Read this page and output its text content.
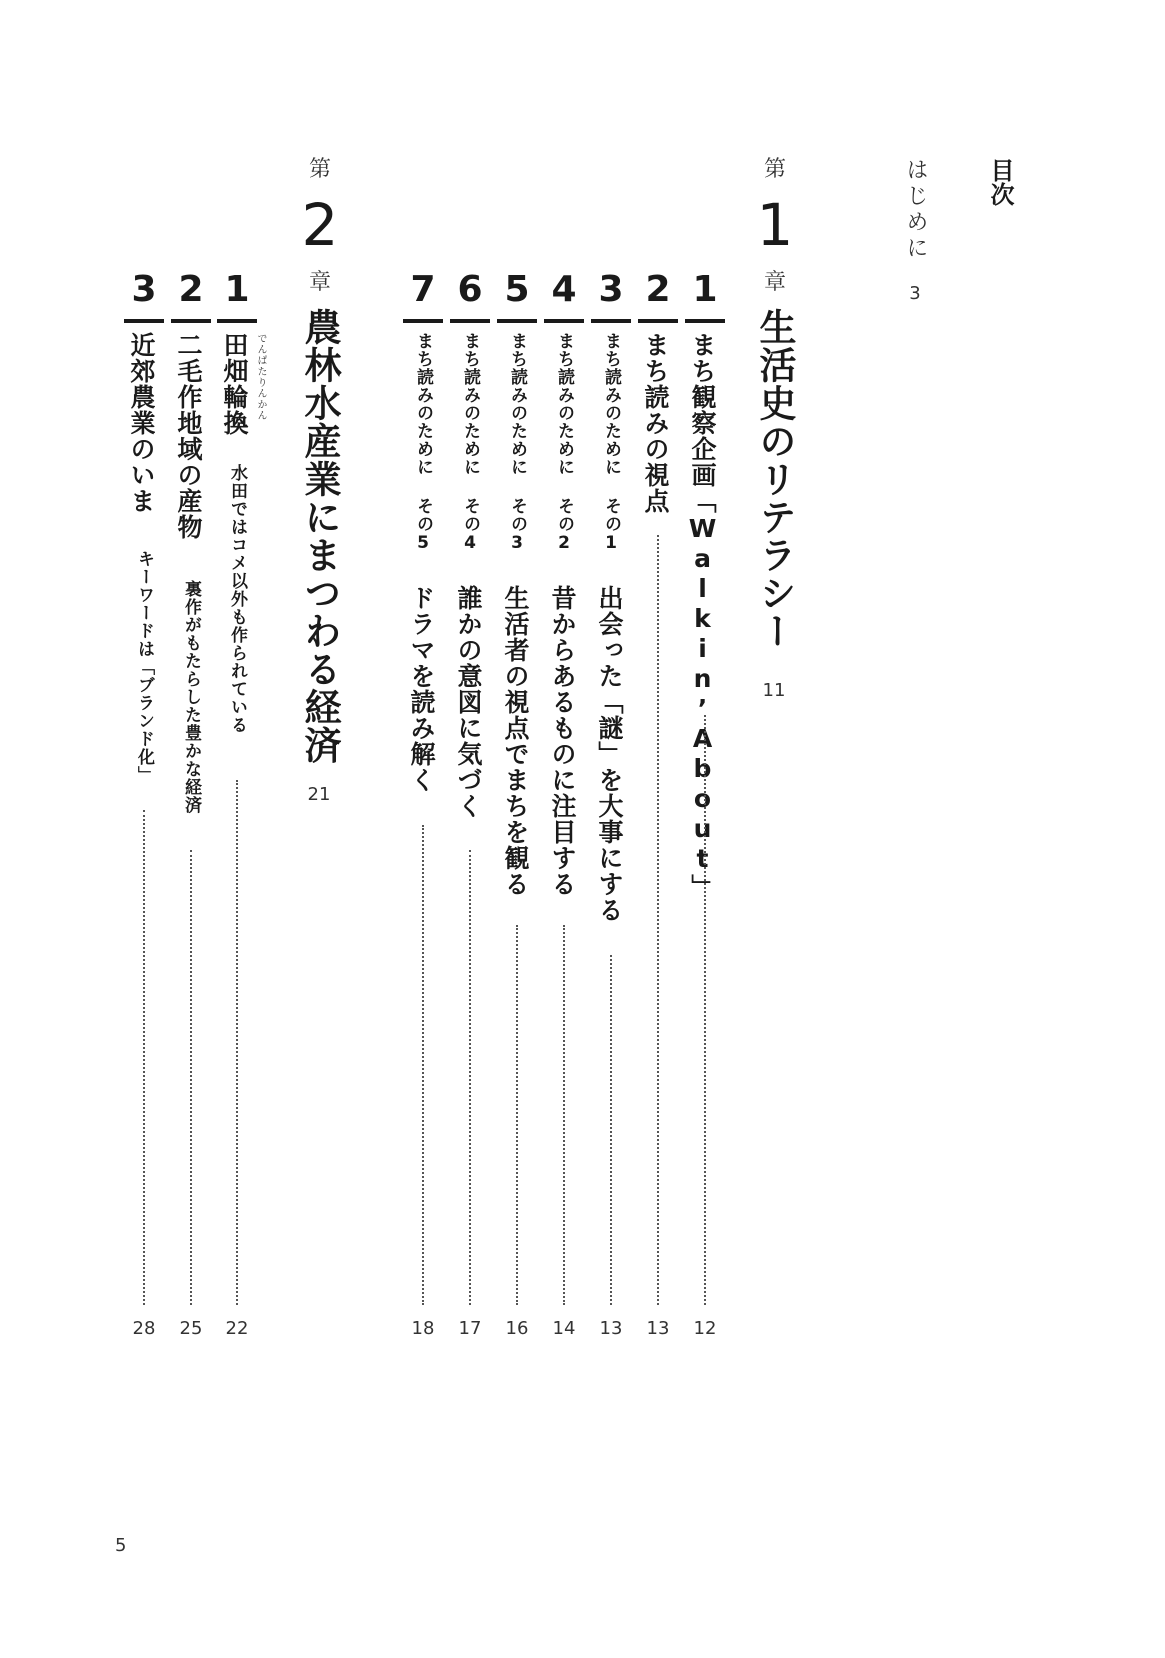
目次
はじめに
3
第
1
章
生活史のリテラシー
11
1
まち観察企画「Walkin’About」
12
2
まち読みの視点
13
3
まち読みのために その1
出会った「謎」を大事にする
13
4
まち読みのために その2
昔からあるものに注目する
14
5
まち読みのために その3
生活者の視点でまちを観る
16
6
まち読みのために その4
誰かの意図に気づく
17
7
まち読みのために その5
ドラマを読み解く
18
第
2
章
農林水産業にまつわる経済
21
1
でんぱたりんかん
田畑輪換
水田ではコメ以外も作られている
22
2
二毛作地域の産物
裏作がもたらした豊かな経済
25
3
近郊農業のいま
キーワードは「ブランド化」
28
5
